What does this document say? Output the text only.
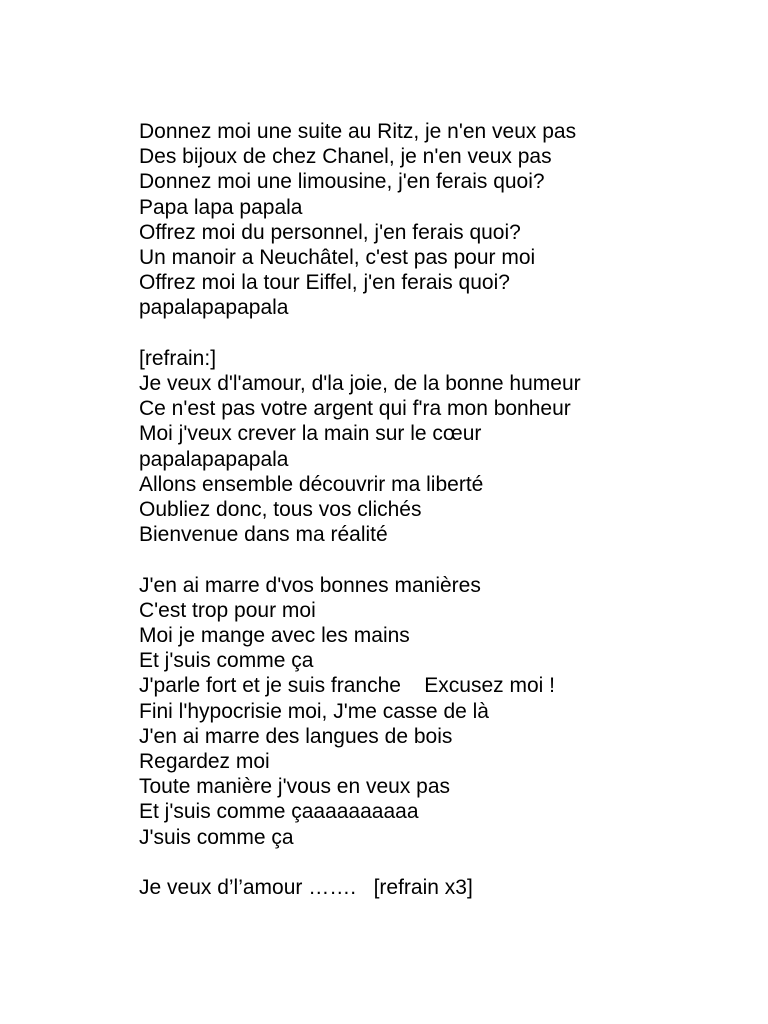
Donnez moi une suite au Ritz, je n'en veux pas
Des bijoux de chez Chanel, je n'en veux pas
Donnez moi une limousine, j'en ferais quoi?
Papa lapa papala
Offrez moi du personnel, j'en ferais quoi?
Un manoir a Neuchâtel, c'est pas pour moi
Offrez moi la tour Eiffel, j'en ferais quoi?
papalapapapala
[refrain:]
Je veux d'l'amour, d'la joie, de la bonne humeur
Ce n'est pas votre argent qui f'ra mon bonheur
Moi j'veux crever la main sur le cœur
papalapapapala
Allons ensemble découvrir ma liberté
Oubliez donc, tous vos clichés
Bienvenue dans ma réalité
J'en ai marre d'vos bonnes manières
C'est trop pour moi
Moi je mange avec les mains
Et j'suis comme ça
J'parle fort et je suis franche    Excusez moi !
Fini l'hypocrisie moi, J'me casse de là
J'en ai marre des langues de bois
Regardez moi
Toute manière j'vous en veux pas
Et j'suis comme çaaaaaaaaaa
J'suis comme ça
Je veux d’l’amour …….   [refrain x3]
